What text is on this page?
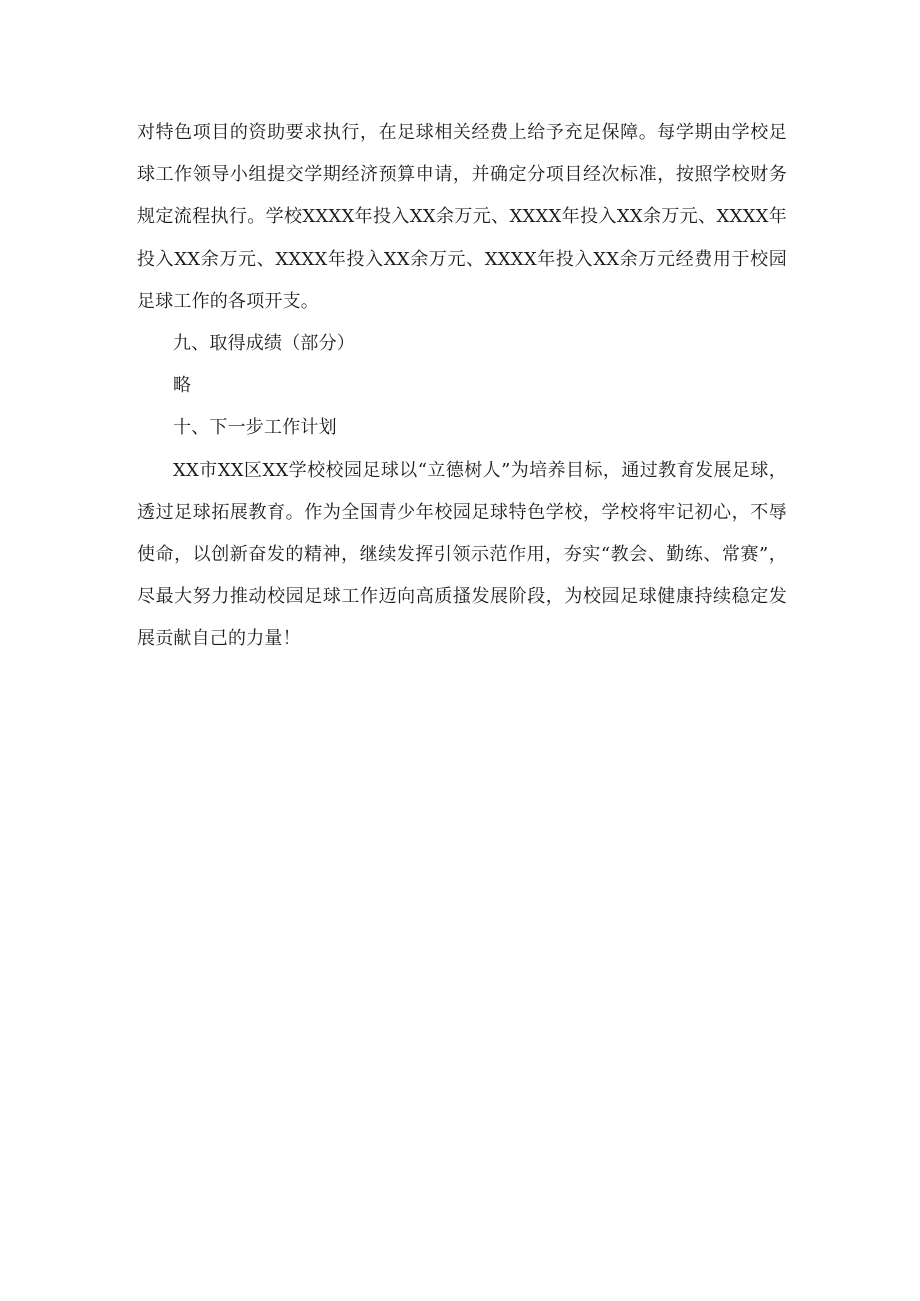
对特色项目的资助要求执行，在足球相关经费上给予充足保障。每学期由学校足球工作领导小组提交学期经济预算申请，并确定分项目经次标准，按照学校财务规定流程执行。学校XXXX年投入XX余万元、XXXX年投入XX余万元、XXXX年投入XX余万元、XXXX年投入XX余万元、XXXX年投入XX余万元经费用于校园足球工作的各项开支。

九、取得成绩（部分）

略

十、下一步工作计划

XX市XX区XX学校校园足球以“立德树人”为培养目标，通过教育发展足球，透过足球拓展教育。作为全国青少年校园足球特色学校，学校将牢记初心，不辱使命，以创新奋发的精神，继续发挥引领示范作用，夯实“教会、勤练、常赛”，尽最大努力推动校园足球工作迈向高质搔发展阶段，为校园足球健康持续稳定发展贡献自己的力量！
